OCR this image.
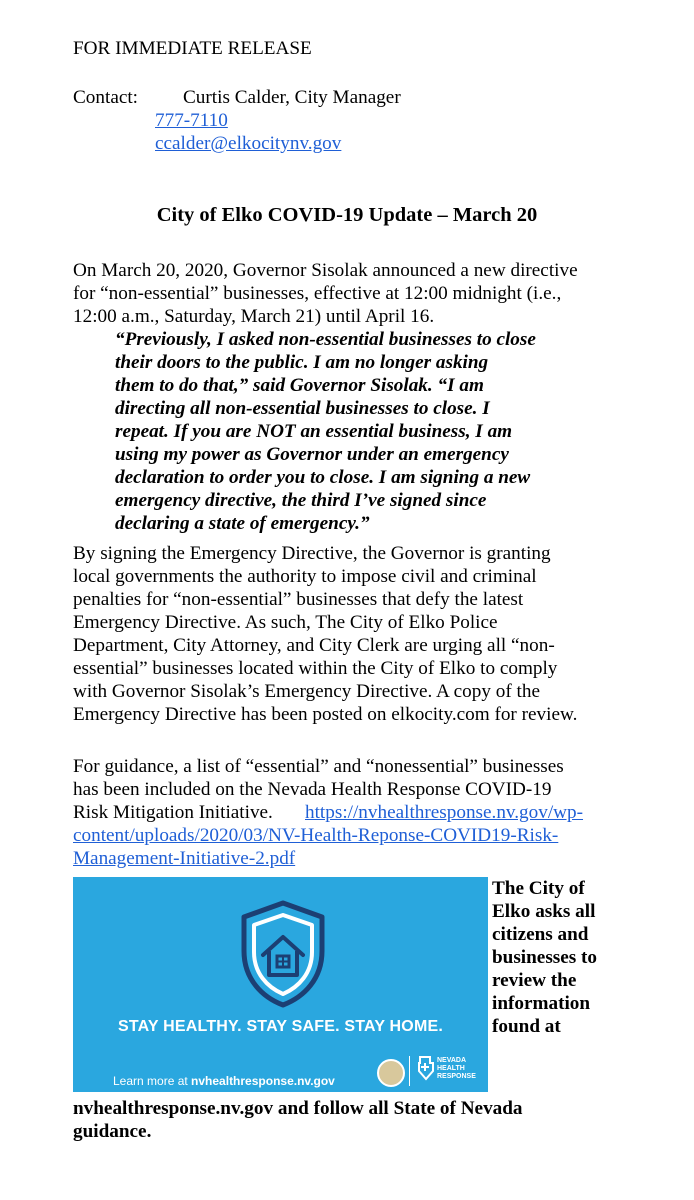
FOR IMMEDIATE RELEASE
Contact: Curtis Calder, City Manager
777-7110
ccalder@elkocitynv.gov
City of Elko COVID-19 Update – March 20
On March 20, 2020, Governor Sisolak announced a new directive
for “non-essential” businesses, effective at 12:00 midnight (i.e.,
12:00 a.m., Saturday, March 21) until April 16.
“Previously, I asked non-essential businesses to close
their doors to the public. I am no longer asking
them to do that,” said Governor Sisolak. “I am
directing all non-essential businesses to close. I
repeat. If you are NOT an essential business, I am
using my power as Governor under an emergency
declaration to order you to close. I am signing a new
emergency directive, the third I’ve signed since
declaring a state of emergency.”
By signing the Emergency Directive, the Governor is granting
local governments the authority to impose civil and criminal
penalties for “non-essential” businesses that defy the latest
Emergency Directive. As such, The City of Elko Police
Department, City Attorney, and City Clerk are urging all “non-
essential” businesses located within the City of Elko to comply
with Governor Sisolak’s Emergency Directive. A copy of the
Emergency Directive has been posted on elkocity.com for review.
For guidance, a list of “essential” and “nonessential” businesses
has been included on the Nevada Health Response COVID-19
Risk Mitigation Initiative. https://nvhealthresponse.nv.gov/wp-
content/uploads/2020/03/NV-Health-Reponse-COVID19-Risk-
Management-Initiative-2.pdf
STAY HEALTHY. STAY SAFE. STAY HOME.
Learn more at nvhealthresponse.nv.gov
NEVADA
HEALTH
RESPONSE
The City of
Elko asks all
citizens and
businesses to
review the
information
found at
nvhealthresponse.nv.gov and follow all State of Nevada
guidance.
